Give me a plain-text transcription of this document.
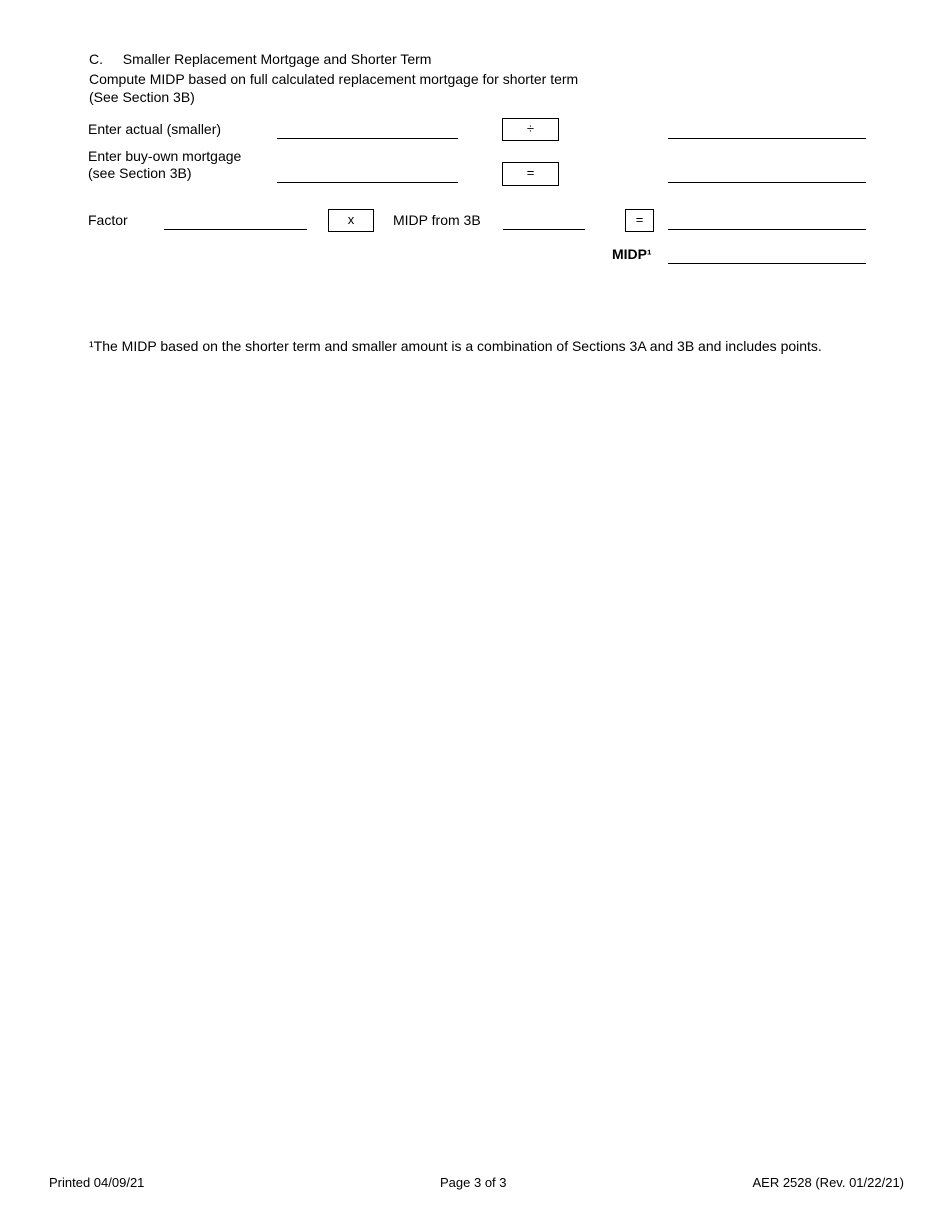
C. Smaller Replacement Mortgage and Shorter Term
Compute MIDP based on full calculated replacement mortgage for shorter term
(See Section 3B)
Enter actual (smaller)	÷
Enter buy-own mortgage
(see Section 3B)	=
Factor	x	MIDP from 3B	=
MIDP¹
¹The MIDP based on the shorter term and smaller amount is a combination of Sections 3A and 3B and includes points.
Printed 04/09/21	Page 3 of 3	AER 2528 (Rev. 01/22/21)
